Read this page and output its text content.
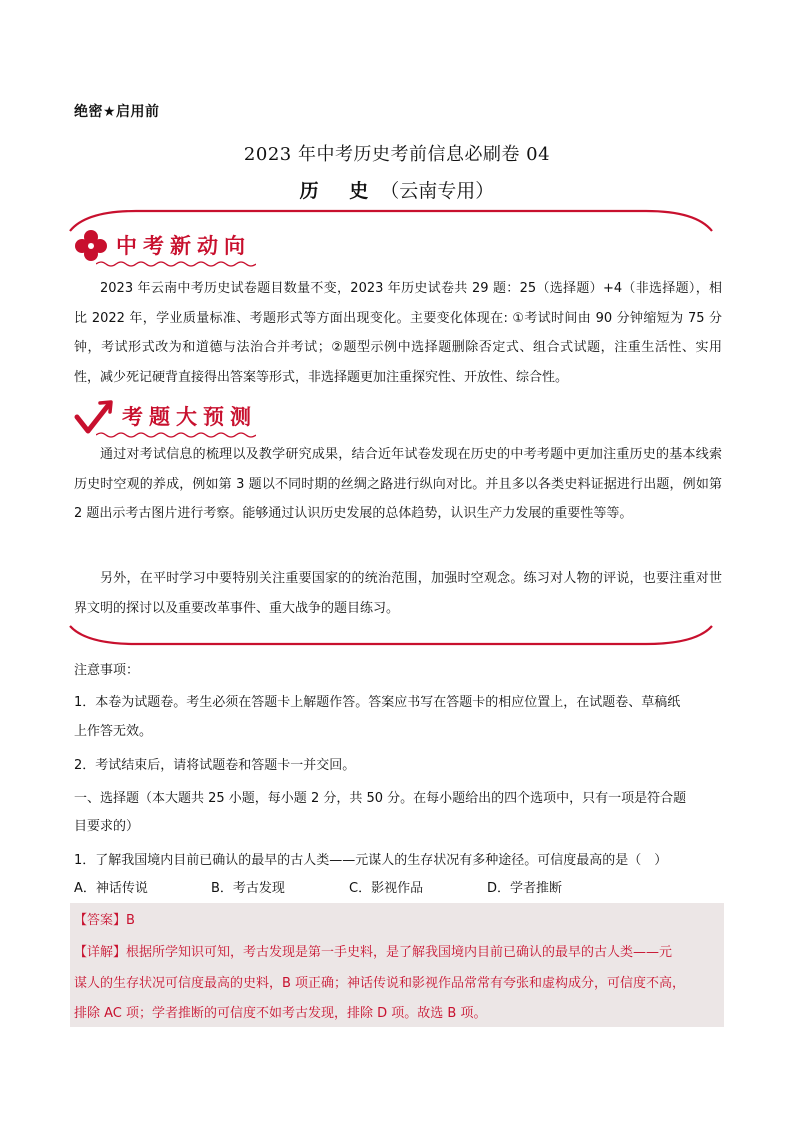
绝密★启用前
2023 年中考历史考前信息必刷卷 04
历 史（云南专用）
中考新动向
2023 年云南中考历史试卷题目数量不变，2023 年历史试卷共 29 题：25（选择题）+4（非选择题），相比 2022 年，学业质量标准、考题形式等方面出现变化。主要变化体现在: ①考试时间由 90 分钟缩短为 75 分钟，考试形式改为和道德与法治合并考试；②题型示例中选择题删除否定式、组合式试题，注重生活性、实用性，减少死记硬背直接得出答案等形式，非选择题更加注重探究性、开放性、综合性。
考题大预测
通过对考试信息的梳理以及教学研究成果，结合近年试卷发现在历史的中考考题中更加注重历史的基本线索历史时空观的养成，例如第 3 题以不同时期的丝绸之路进行纵向对比。并且多以各类史料证据进行出题，例如第 2 题出示考古图片进行考察。能够通过认识历史发展的总体趋势，认识生产力发展的重要性等等。
另外，在平时学习中要特别关注重要国家的的统治范围，加强时空观念。练习对人物的评说，也要注重对世界文明的探讨以及重要改革事件、重大战争的题目练习。
注意事项：
1．本卷为试题卷。考生必须在答题卡上解题作答。答案应书写在答题卡的相应位置上，在试题卷、草稿纸
上作答无效。
2．考试结束后，请将试题卷和答题卡一并交回。
一、选择题（本大题共 25 小题，每小题 2 分，共 50 分。在每小题给出的四个选项中，只有一项是符合题
目要求的）
1．了解我国境内目前已确认的最早的古人类——元谋人的生存状况有多种途径。可信度最高的是（　）
A．神话传说	B．考古发现	C．影视作品	D．学者推断
【答案】B
【详解】根据所学知识可知，考古发现是第一手史料，是了解我国境内目前已确认的最早的古人类——元
谋人的生存状况可信度最高的史料，B 项正确；神话传说和影视作品常常有夸张和虚构成分，可信度不高，
排除 AC 项；学者推断的可信度不如考古发现，排除 D 项。故选 B 项。
